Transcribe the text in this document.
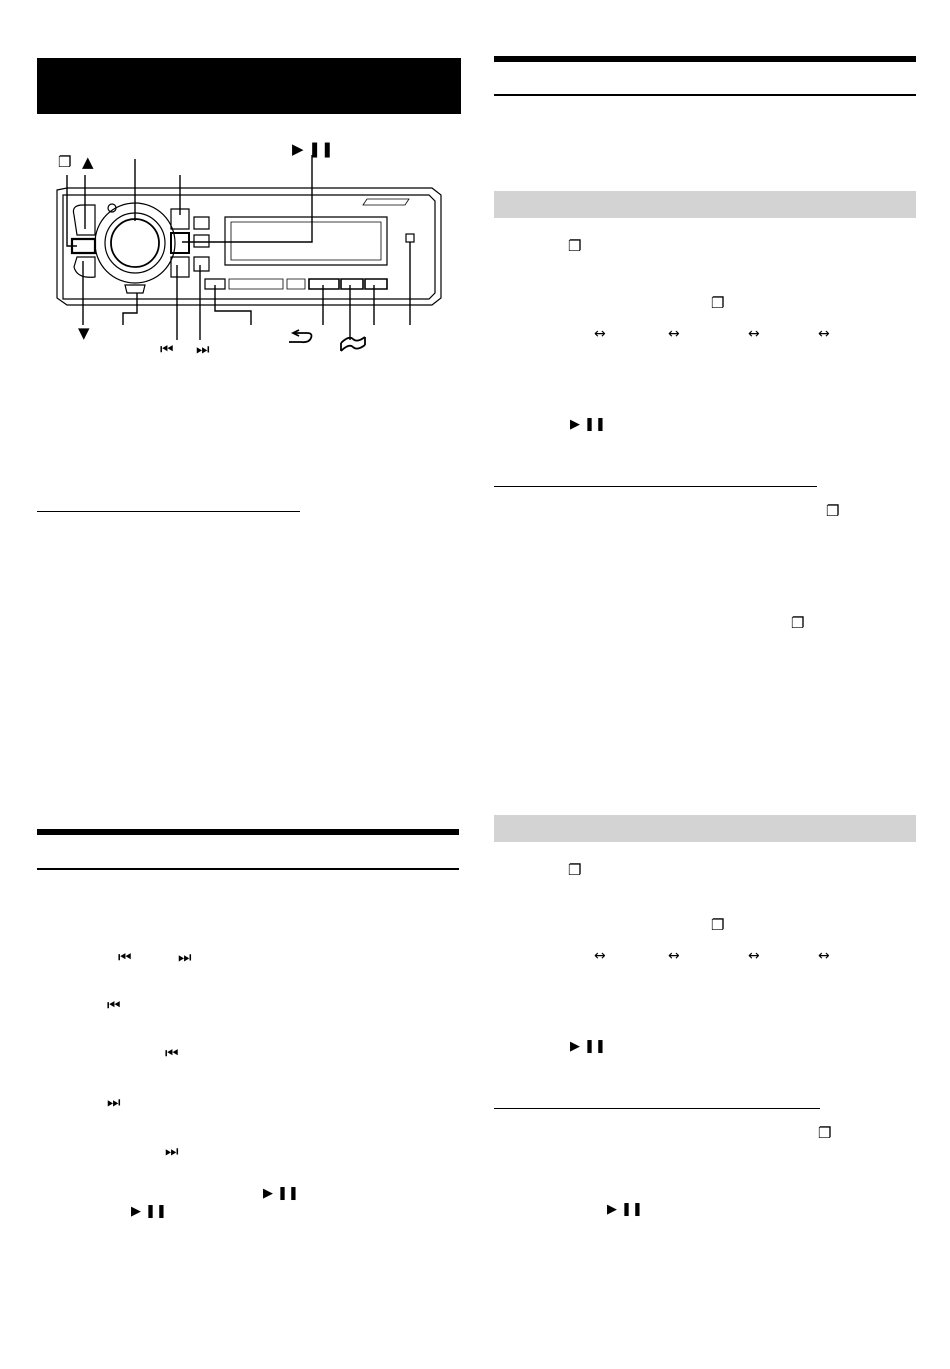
❐ ▲
▶ ❚❚
▼
⏮ ⏭
⏮	⏭
⏮
⏮
⏭
⏭
▶ ❚❚
▶ ❚❚
❐
❐
↔	↔	↔	↔
▶ ❚❚
❐
❐
❐
❐
↔	↔	↔	↔
▶ ❚❚
❐
▶ ❚❚
